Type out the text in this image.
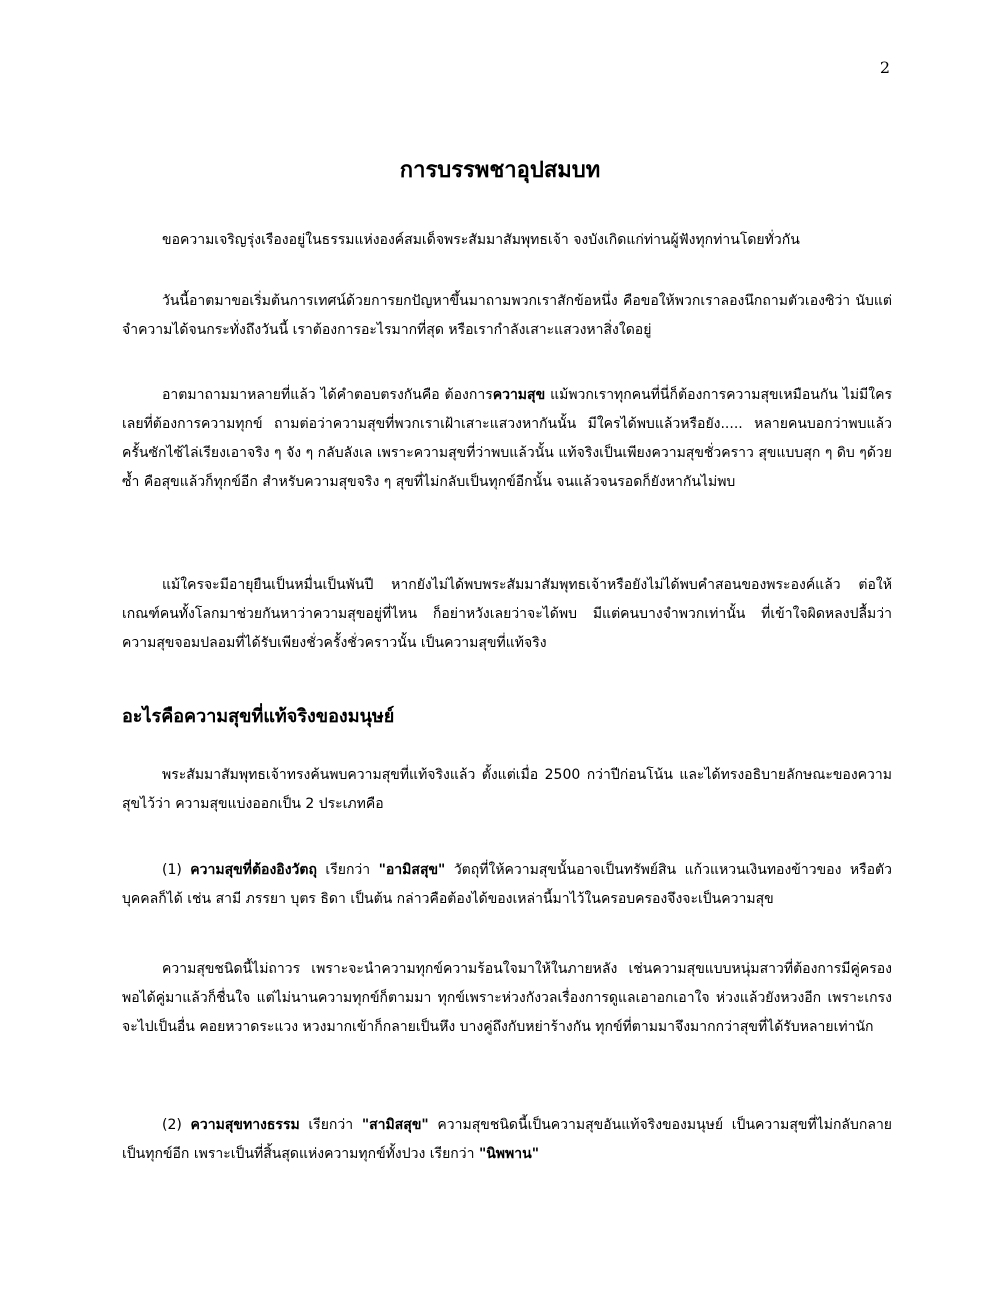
2
การบรรพชาอุปสมบท

ขอความเจริญรุ่งเรืองอยู่ในธรรมแห่งองค์สมเด็จพระสัมมาสัมพุทธเจ้า จงบังเกิดแก่ท่านผู้ฟังทุกท่านโดยทั่วกัน

วันนี้อาตมาขอเริ่มต้นการเทศน์ด้วยการยกปัญหาขึ้นมาถามพวกเราสักข้อหนึ่ง คือขอให้พวกเราลองนึกถามตัวเองซิว่า นับแต่จำความได้จนกระทั่งถึงวันนี้ เราต้องการอะไรมากที่สุด หรือเรากำลังเสาะแสวงหาสิ่งใดอยู่

อาตมาถามมาหลายที่แล้ว ได้คำตอบตรงกันคือ ต้องการความสุข แม้พวกเราทุกคนที่นี่ก็ต้องการความสุขเหมือนกัน ไม่มีใครเลยที่ต้องการความทุกข์ ถามต่อว่าความสุขที่พวกเราเฝ้าเสาะแสวงหากันนั้น มีใครได้พบแล้วหรือยัง..... หลายคนบอกว่าพบแล้ว ครั้นซักไซ้ไล่เรียงเอาจริง ๆ จัง ๆ กลับลังเล เพราะความสุขที่ว่าพบแล้วนั้น แท้จริงเป็นเพียงความสุขชั่วคราว สุขแบบสุก ๆ ดิบ ๆด้วยซ้ำ คือสุขแล้วก็ทุกข์อีก สำหรับความสุขจริง ๆ สุขที่ไม่กลับเป็นทุกข์อีกนั้น จนแล้วจนรอดก็ยังหากันไม่พบ

แม้ใครจะมีอายุยืนเป็นหมื่นเป็นพันปี หากยังไม่ได้พบพระสัมมาสัมพุทธเจ้าหรือยังไม่ได้พบคำสอนของพระองค์แล้ว ต่อให้เกณฑ์คนทั้งโลกมาช่วยกันหาว่าความสุขอยู่ที่ไหน ก็อย่าหวังเลยว่าจะได้พบ มีแต่คนบางจำพวกเท่านั้น ที่เข้าใจผิดหลงปลื้มว่า ความสุขจอมปลอมที่ได้รับเพียงชั่วครั้งชั่วคราวนั้น เป็นความสุขที่แท้จริง

อะไรคือความสุขที่แท้จริงของมนุษย์

พระสัมมาสัมพุทธเจ้าทรงค้นพบความสุขที่แท้จริงแล้ว ตั้งแต่เมื่อ 2500 กว่าปีก่อนโน้น และได้ทรงอธิบายลักษณะของความสุขไว้ว่า ความสุขแบ่งออกเป็น 2 ประเภทคือ

(1) ความสุขที่ต้องอิงวัตถุ เรียกว่า "อามิสสุข" วัตถุที่ให้ความสุขนั้นอาจเป็นทรัพย์สิน แก้วแหวนเงินทองข้าวของ หรือตัวบุคคลก็ได้ เช่น สามี ภรรยา บุตร ธิดา เป็นต้น กล่าวคือต้องได้ของเหล่านี้มาไว้ในครอบครองจึงจะเป็นความสุข

ความสุขชนิดนี้ไม่ถาวร เพราะจะนำความทุกข์ความร้อนใจมาให้ในภายหลัง เช่นความสุขแบบหนุ่มสาวที่ต้องการมีคู่ครอง พอได้คู่มาแล้วก็ชื่นใจ แต่ไม่นานความทุกข์ก็ตามมา ทุกข์เพราะห่วงกังวลเรื่องการดูแลเอาอกเอาใจ ห่วงแล้วยังหวงอีก เพราะเกรงจะไปเป็นอื่น คอยหวาดระแวง หวงมากเข้าก็กลายเป็นหึง บางคู่ถึงกับหย่าร้างกัน ทุกข์ที่ตามมาจึงมากกว่าสุขที่ได้รับหลายเท่านัก

(2) ความสุขทางธรรม เรียกว่า "สามิสสุข" ความสุขชนิดนี้เป็นความสุขอันแท้จริงของมนุษย์ เป็นความสุขที่ไม่กลับกลายเป็นทุกข์อีก เพราะเป็นที่สิ้นสุดแห่งความทุกข์ทั้งปวง เรียกว่า "นิพพาน"
